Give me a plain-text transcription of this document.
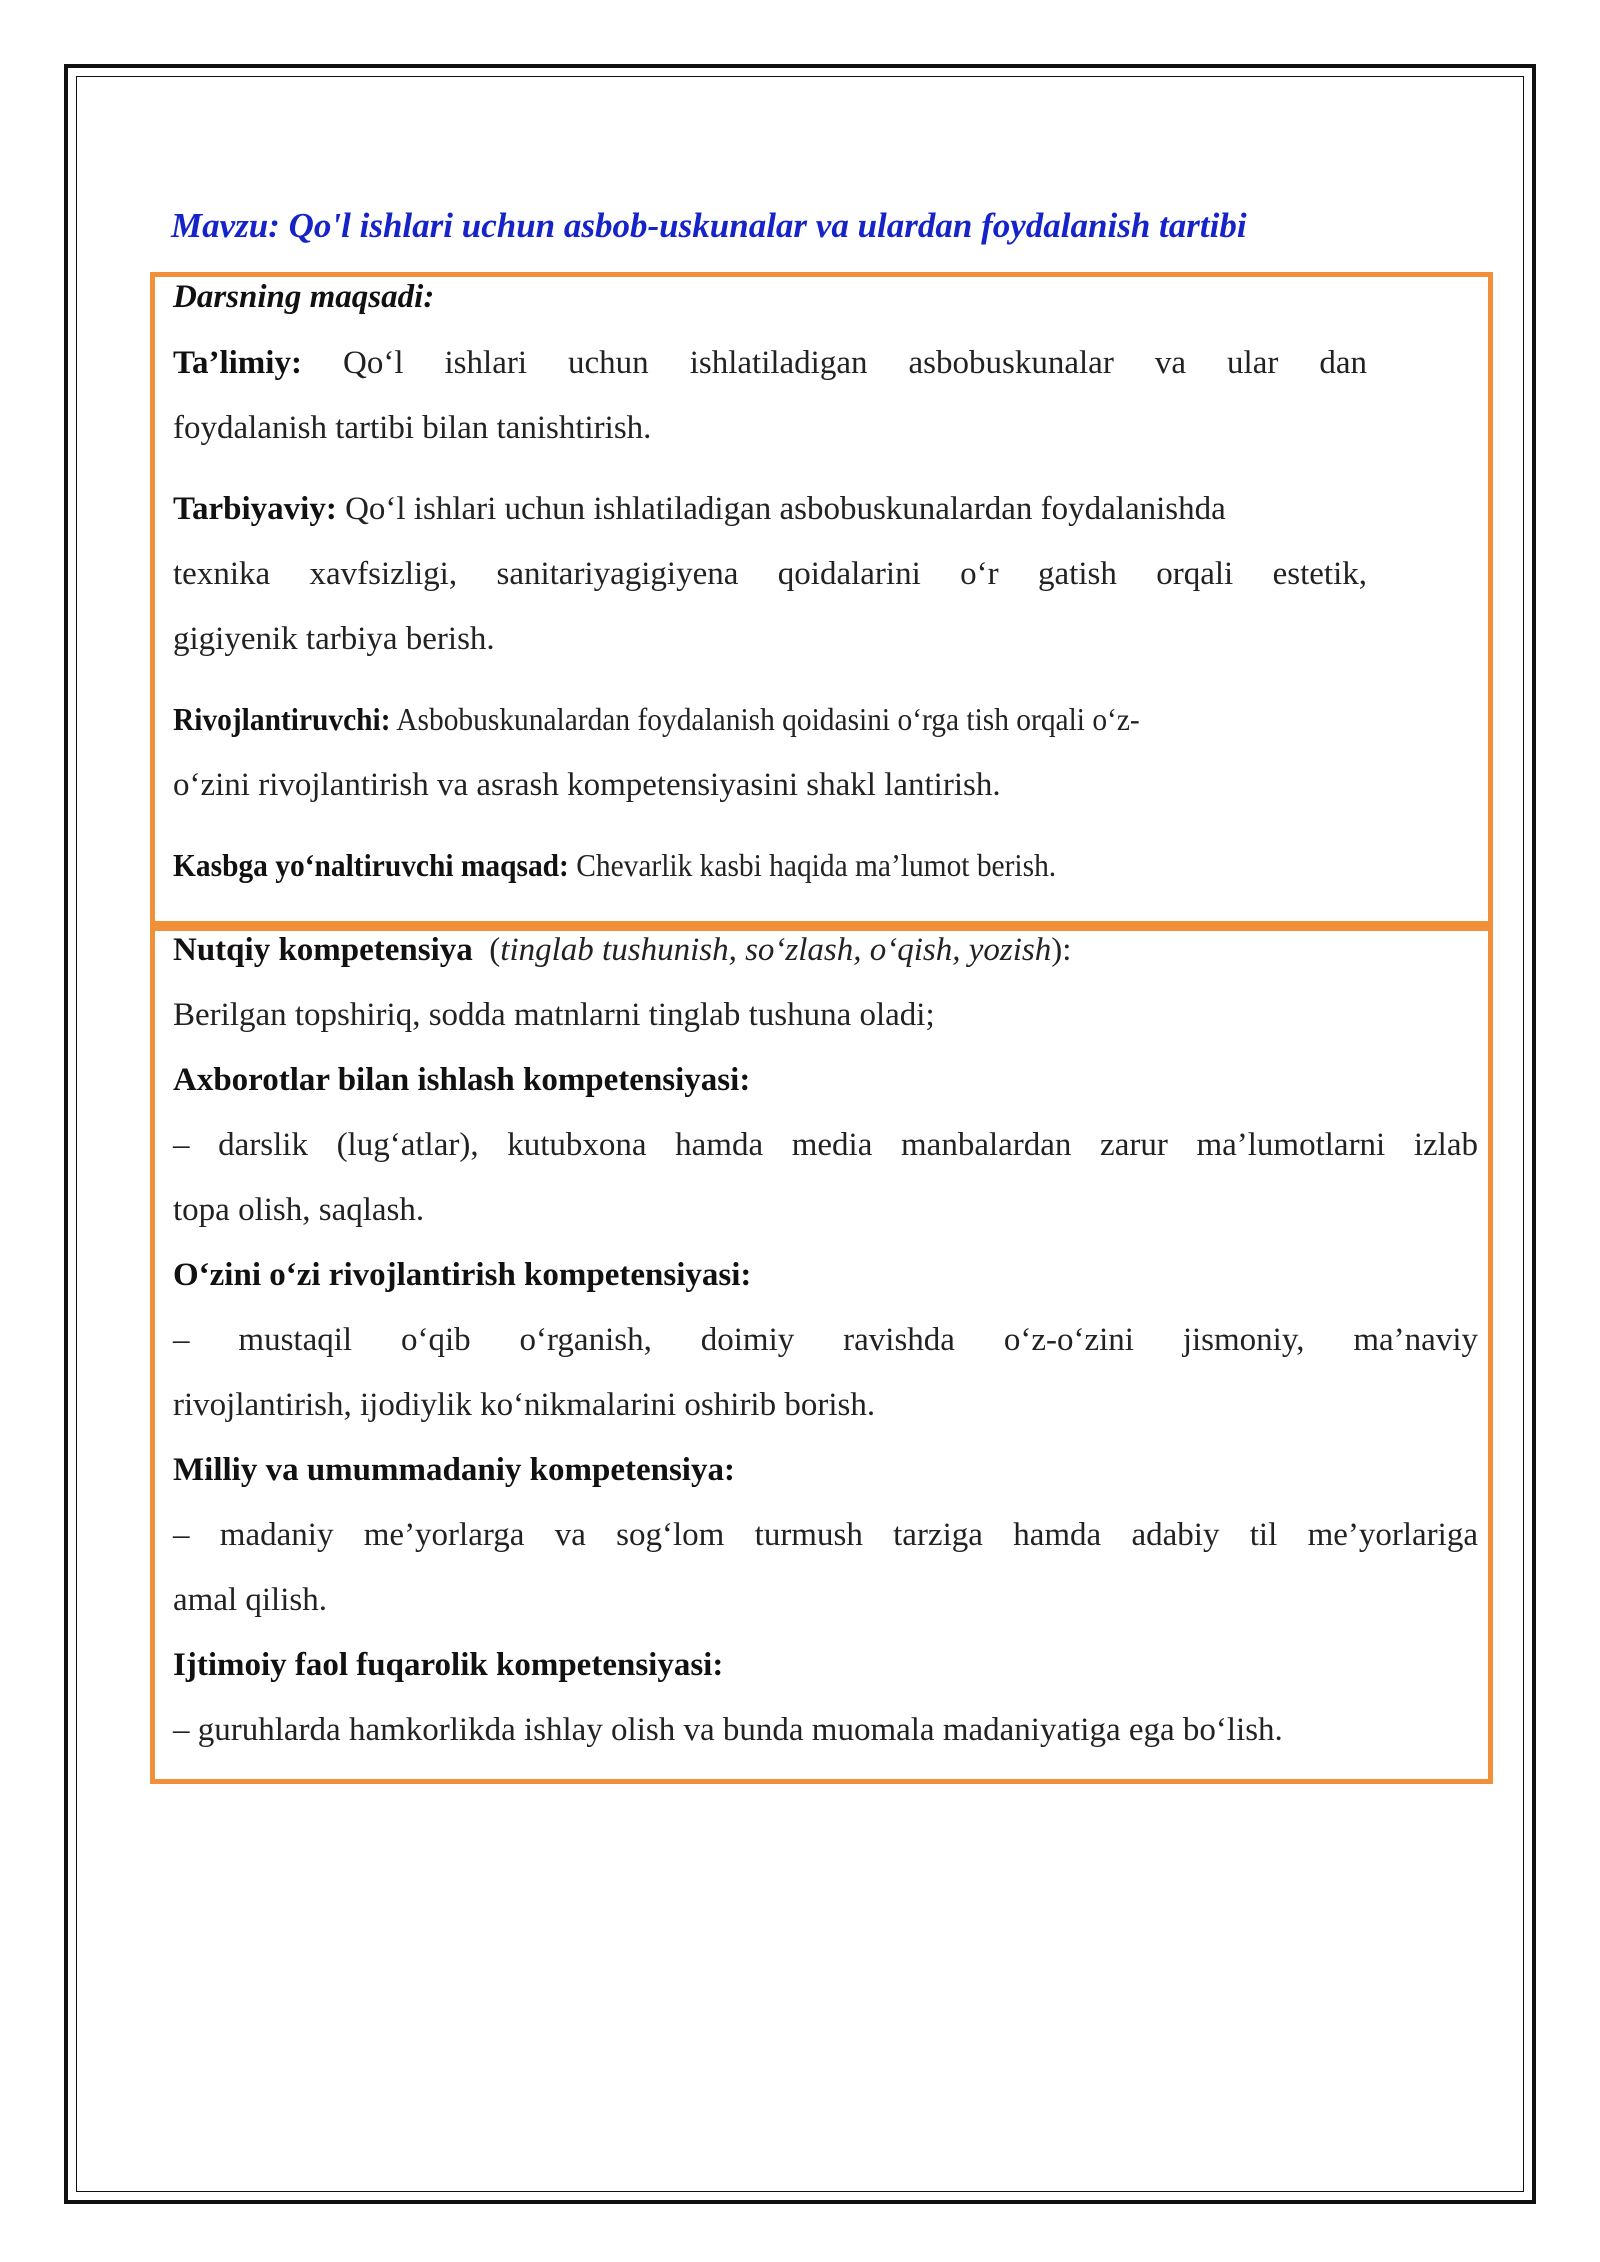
Mavzu: Qo'l ishlari uchun asbob-uskunalar va ulardan foydalanish tartibi
Darsning maqsadi:
Ta’limiy: Qo‘l ishlari uchun ishlatiladigan asbobuskunalar va ular dan
foydalanish tartibi bilan tanishtirish.
Tarbiyaviy: Qo‘l ishlari uchun ishlatiladigan asbobuskunalardan foydalanishda
texnika xavfsizligi, sanitariyagigiyena qoidalarini o‘r gatish orqali estetik,
gigiyenik tarbiya berish.
Rivojlantiruvchi: Asbobuskunalardan foydalanish qoidasini o‘rga tish orqali o‘z-
o‘zini rivojlantirish va asrash kompetensiyasini shakl lantirish.
Kasbga yo‘naltiruvchi maqsad: Chevarlik kasbi haqida ma’lumot berish.
Nutqiy kompetensiya (tinglab tushunish, so‘zlash, o‘qish, yozish):
Berilgan topshiriq, sodda matnlarni tinglab tushuna oladi;
Axborotlar bilan ishlash kompetensiyasi:
– darslik (lug‘atlar), kutubxona hamda media manbalardan zarur ma’lumotlarni izlab
topa olish, saqlash.
O‘zini o‘zi rivojlantirish kompetensiyasi:
– mustaqil o‘qib o‘rganish, doimiy ravishda o‘z-o‘zini jismoniy, ma’naviy
rivojlantirish, ijodiylik ko‘nikmalarini oshirib borish.
Milliy va umummadaniy kompetensiya:
– madaniy me’yorlarga va sog‘lom turmush tarziga hamda adabiy til me’yorlariga
amal qilish.
Ijtimoiy faol fuqarolik kompetensiyasi:
– guruhlarda hamkorlikda ishlay olish va bunda muomala madaniyatiga ega bo‘lish.
